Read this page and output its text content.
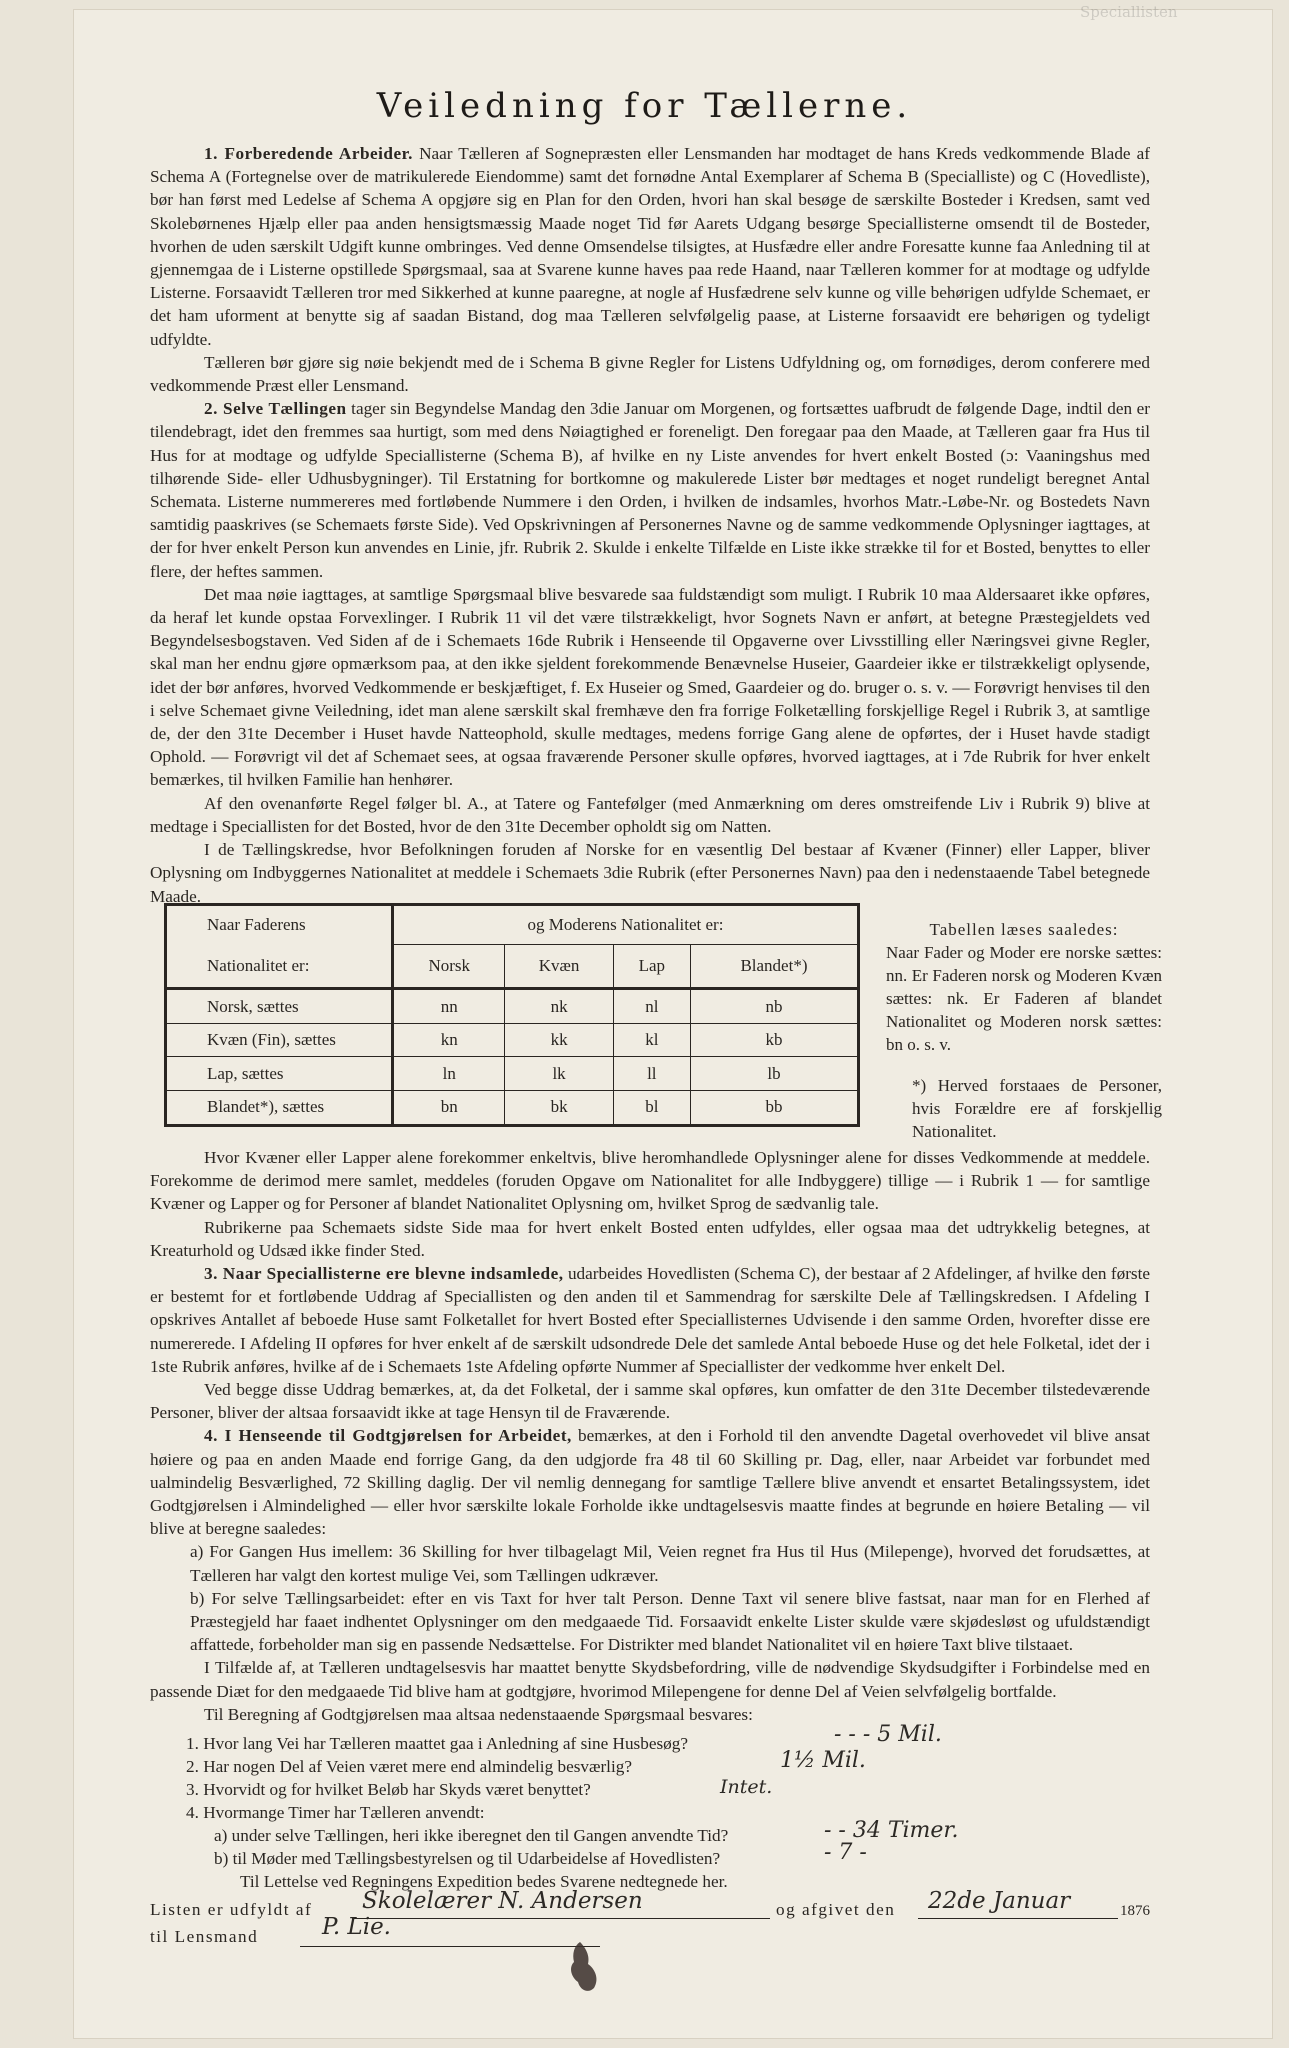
Speciallisten
Veiledning for Tællerne.

1. Forberedende Arbeider. Naar Tælleren af Sognepræsten eller Lensmanden har modtaget de hans Kreds vedkommende Blade af Schema A (Fortegnelse over de matrikulerede Eiendomme) samt det fornødne Antal Exemplarer af Schema B (Specialliste) og C (Hovedliste), bør han først med Ledelse af Schema A opgjøre sig en Plan for den Orden, hvori han skal besøge de særskilte Bosteder i Kredsen, samt ved Skolebørnenes Hjælp eller paa anden hensigtsmæssig Maade noget Tid før Aarets Udgang besørge Speciallisterne omsendt til de Bosteder, hvorhen de uden særskilt Udgift kunne ombringes. Ved denne Omsendelse tilsigtes, at Husfædre eller andre Foresatte kunne faa Anledning til at gjennemgaa de i Listerne opstillede Spørgsmaal, saa at Svarene kunne haves paa rede Haand, naar Tælleren kommer for at modtage og udfylde Listerne. Forsaavidt Tælleren tror med Sikkerhed at kunne paaregne, at nogle af Husfædrene selv kunne og ville behørigen udfylde Schemaet, er det ham uforment at benytte sig af saadan Bistand, dog maa Tælleren selvfølgelig paase, at Listerne forsaavidt ere behørigen og tydeligt udfyldte.

Tælleren bør gjøre sig nøie bekjendt med de i Schema B givne Regler for Listens Udfyldning og, om fornødiges, derom conferere med vedkommende Præst eller Lensmand.

2. Selve Tællingen tager sin Begyndelse Mandag den 3die Januar om Morgenen, og fortsættes uafbrudt de følgende Dage, indtil den er tilendebragt, idet den fremmes saa hurtigt, som med dens Nøiagtighed er foreneligt. Den foregaar paa den Maade, at Tælleren gaar fra Hus til Hus for at modtage og udfylde Speciallisterne (Schema B), af hvilke en ny Liste anvendes for hvert enkelt Bosted (ɔ: Vaaningshus med tilhørende Side- eller Udhusbygninger). Til Erstatning for bortkomne og makulerede Lister bør medtages et noget rundeligt beregnet Antal Schemata. Listerne nummereres med fortløbende Nummere i den Orden, i hvilken de indsamles, hvorhos Matr.-Løbe-Nr. og Bostedets Navn samtidig paaskrives (se Schemaets første Side). Ved Opskrivningen af Personernes Navne og de samme vedkommende Oplysninger iagttages, at der for hver enkelt Person kun anvendes en Linie, jfr. Rubrik 2. Skulde i enkelte Tilfælde en Liste ikke strække til for et Bosted, benyttes to eller flere, der heftes sammen.

Det maa nøie iagttages, at samtlige Spørgsmaal blive besvarede saa fuldstændigt som muligt. I Rubrik 10 maa Aldersaaret ikke opføres, da heraf let kunde opstaa Forvexlinger. I Rubrik 11 vil det være tilstrækkeligt, hvor Sognets Navn er anført, at betegne Præstegjeldets ved Begyndelsesbogstaven. Ved Siden af de i Schemaets 16de Rubrik i Henseende til Opgaverne over Livsstilling eller Næringsvei givne Regler, skal man her endnu gjøre opmærksom paa, at den ikke sjeldent forekommende Benævnelse Huseier, Gaardeier ikke er tilstrækkeligt oplysende, idet der bør anføres, hvorved Vedkommende er beskjæftiget, f. Ex Huseier og Smed, Gaardeier og do. bruger o. s. v. — Forøvrigt henvises til den i selve Schemaet givne Veiledning, idet man alene særskilt skal fremhæve den fra forrige Folketælling forskjellige Regel i Rubrik 3, at samtlige de, der den 31te December i Huset havde Natteophold, skulle medtages, medens forrige Gang alene de opførtes, der i Huset havde stadigt Ophold. — Forøvrigt vil det af Schemaet sees, at ogsaa fraværende Personer skulle opføres, hvorved iagttages, at i 7de Rubrik for hver enkelt bemærkes, til hvilken Familie han henhører.

Af den ovenanførte Regel følger bl. A., at Tatere og Fantefølger (med Anmærkning om deres omstreifende Liv i Rubrik 9) blive at medtage i Speciallisten for det Bosted, hvor de den 31te December opholdt sig om Natten.

I de Tællingskredse, hvor Befolkningen foruden af Norske for en væsentlig Del bestaar af Kvæner (Finner) eller Lapper, bliver Oplysning om Indbyggernes Nationalitet at meddele i Schemaets 3die Rubrik (efter Personernes Navn) paa den i nedenstaaende Tabel betegnede Maade.

Naar Faderens	og Moderens Nationalitet er:			
Nationalitet er:	Norsk	Kvæn	Lap	Blandet*)
Norsk, sættes	nn	nk	nl	nb
Kvæn (Fin), sættes	kn	kk	kl	kb
Lap, sættes	ln	lk	ll	lb
Blandet*), sættes	bn	bk	bl	bb

Tabellen læses saaledes:

Naar Fader og Moder ere norske sættes: nn. Er Faderen norsk og Moderen Kvæn sættes: nk. Er Faderen af blandet Nationalitet og Moderen norsk sættes: bn o. s. v.

*) Herved forstaaes de Personer, hvis Forældre ere af forskjellig Nationalitet.

Hvor Kvæner eller Lapper alene forekommer enkeltvis, blive heromhandlede Oplysninger alene for disses Vedkommende at meddele. Forekomme de derimod mere samlet, meddeles (foruden Opgave om Nationalitet for alle Indbyggere) tillige — i Rubrik 1 — for samtlige Kvæner og Lapper og for Personer af blandet Nationalitet Oplysning om, hvilket Sprog de sædvanlig tale.

Rubrikerne paa Schemaets sidste Side maa for hvert enkelt Bosted enten udfyldes, eller ogsaa maa det udtrykkelig betegnes, at Kreaturhold og Udsæd ikke finder Sted.

3. Naar Speciallisterne ere blevne indsamlede, udarbeides Hovedlisten (Schema C), der bestaar af 2 Afdelinger, af hvilke den første er bestemt for et fortløbende Uddrag af Speciallisten og den anden til et Sammendrag for særskilte Dele af Tællingskredsen. I Afdeling I opskrives Antallet af beboede Huse samt Folketallet for hvert Bosted efter Speciallisternes Udvisende i den samme Orden, hvorefter disse ere numererede. I Afdeling II opføres for hver enkelt af de særskilt udsondrede Dele det samlede Antal beboede Huse og det hele Folketal, idet der i 1ste Rubrik anføres, hvilke af de i Schemaets 1ste Afdeling opførte Nummer af Speciallister der vedkomme hver enkelt Del.

Ved begge disse Uddrag bemærkes, at, da det Folketal, der i samme skal opføres, kun omfatter de den 31te December tilstedeværende Personer, bliver der altsaa forsaavidt ikke at tage Hensyn til de Fraværende.

4. I Henseende til Godtgjørelsen for Arbeidet, bemærkes, at den i Forhold til den anvendte Dagetal overhovedet vil blive ansat høiere og paa en anden Maade end forrige Gang, da den udgjorde fra 48 til 60 Skilling pr. Dag, eller, naar Arbeidet var forbundet med ualmindelig Besværlighed, 72 Skilling daglig. Der vil nemlig dennegang for samtlige Tællere blive anvendt et ensartet Betalingssystem, idet Godtgjørelsen i Almindelighed — eller hvor særskilte lokale Forholde ikke undtagelsesvis maatte findes at begrunde en høiere Betaling — vil blive at beregne saaledes:

a) For Gangen Hus imellem: 36 Skilling for hver tilbagelagt Mil, Veien regnet fra Hus til Hus (Milepenge), hvorved det forudsættes, at Tælleren har valgt den kortest mulige Vei, som Tællingen udkræver.

b) For selve Tællingsarbeidet: efter en vis Taxt for hver talt Person. Denne Taxt vil senere blive fastsat, naar man for en Flerhed af Præstegjeld har faaet indhentet Oplysninger om den medgaaede Tid. Forsaavidt enkelte Lister skulde være skjødesløst og ufuldstændigt affattede, forbeholder man sig en passende Nedsættelse. For Distrikter med blandet Nationalitet vil en høiere Taxt blive tilstaaet.

I Tilfælde af, at Tælleren undtagelsesvis har maattet benytte Skydsbefordring, ville de nødvendige Skydsudgifter i Forbindelse med en passende Diæt for den medgaaede Tid blive ham at godtgjøre, hvorimod Milepengene for denne Del af Veien selvfølgelig bortfalde.

Til Beregning af Godtgjørelsen maa altsaa nedenstaaende Spørgsmaal besvares:

1. Hvor lang Vei har Tælleren maattet gaa i Anledning af sine Husbesøg?	- - - 5 Mil.
2. Har nogen Del af Veien været mere end almindelig besværlig?	1½ Mil.
3. Hvorvidt og for hvilket Beløb har Skyds været benyttet?	Intet.
4. Hvormange Timer har Tælleren anvendt:
a) under selve Tællingen, heri ikke iberegnet den til Gangen anvendte Tid?	- - 34 Timer.
b) til Møder med Tællingsbestyrelsen og til Udarbeidelse af Hovedlisten?	- 7 -
Til Lettelse ved Regningens Expedition bedes Svarene nedtegnede her.
Listen er udfyldt af Skolelærer N. Andersen	og afgivet den 22de Januar	1876
til Lensmand	P. Lie.
